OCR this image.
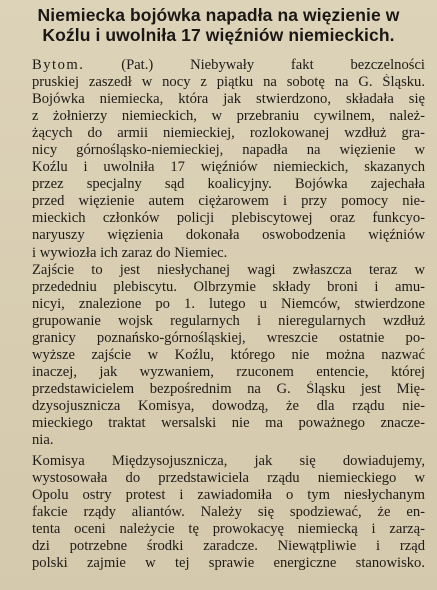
Niemiecka bojówka napadła na więzienie w
Koźlu i uwolniła 17 więźniów niemieckich.

Bytom.	(Pat.)	Niebywały fakt bezczelności
pruskiej zaszedł w nocy z piątku na sobotę na G. Śląsku.
Bojówka niemiecka, która jak stwierdzono, składała się
z żołnierzy niemieckich, w przebraniu cywilnem, należ-
żących do armii niemieckiej, rozlokowanej wzdłuż gra-
nicy górnośląsko-niemieckiej, napadła na więzienie w
Koźlu i uwolniła 17 więźniów niemieckich, skazanych
przez specjalny sąd koalicyjny. Bojówka zajechała
przed więzienie autem ciężarowem i przy pomocy nie-
mieckich członków policji plebiscytowej oraz funkcyo-
naryuszy więzienia dokonała oswobodzenia więźniów
i wywiozła ich zaraz do Niemiec.

Zajście to jest niesłychanej wagi zwłaszcza teraz w
przededniu plebiscytu. Olbrzymie składy broni i amu-
nicyi, znalezione po 1. lutego u Niemców, stwierdzone
grupowanie wojsk regularnych i nieregularnych wzdłuż
granicy poznańsko-górnośląskiej, wreszcie ostatnie po-
wyższe zajście w Koźlu, którego nie można nazwać
inaczej, jak wyzwaniem, rzuconem entencie, której
przedstawicielem bezpośrednim na G. Śląsku jest Mię-
dzysojusznicza Komisya, dowodzą, że dla rządu nie-
mieckiego traktat wersalski nie ma poważnego znacze-
nia.

Komisya Międzysojusznicza, jak się dowiadujemy,
wystosowała do przedstawiciela rządu niemieckiego w
Opolu ostry protest i zawiadomiła o tym niesłychanym
fakcie rządy aliantów. Należy się spodziewać, że en-
tenta oceni należycie tę prowokacyę niemiecką i zarzą-
dzi potrzebne środki zaradcze. Niewątpliwie i rząd
polski zajmie w tej sprawie energiczne stanowisko.
